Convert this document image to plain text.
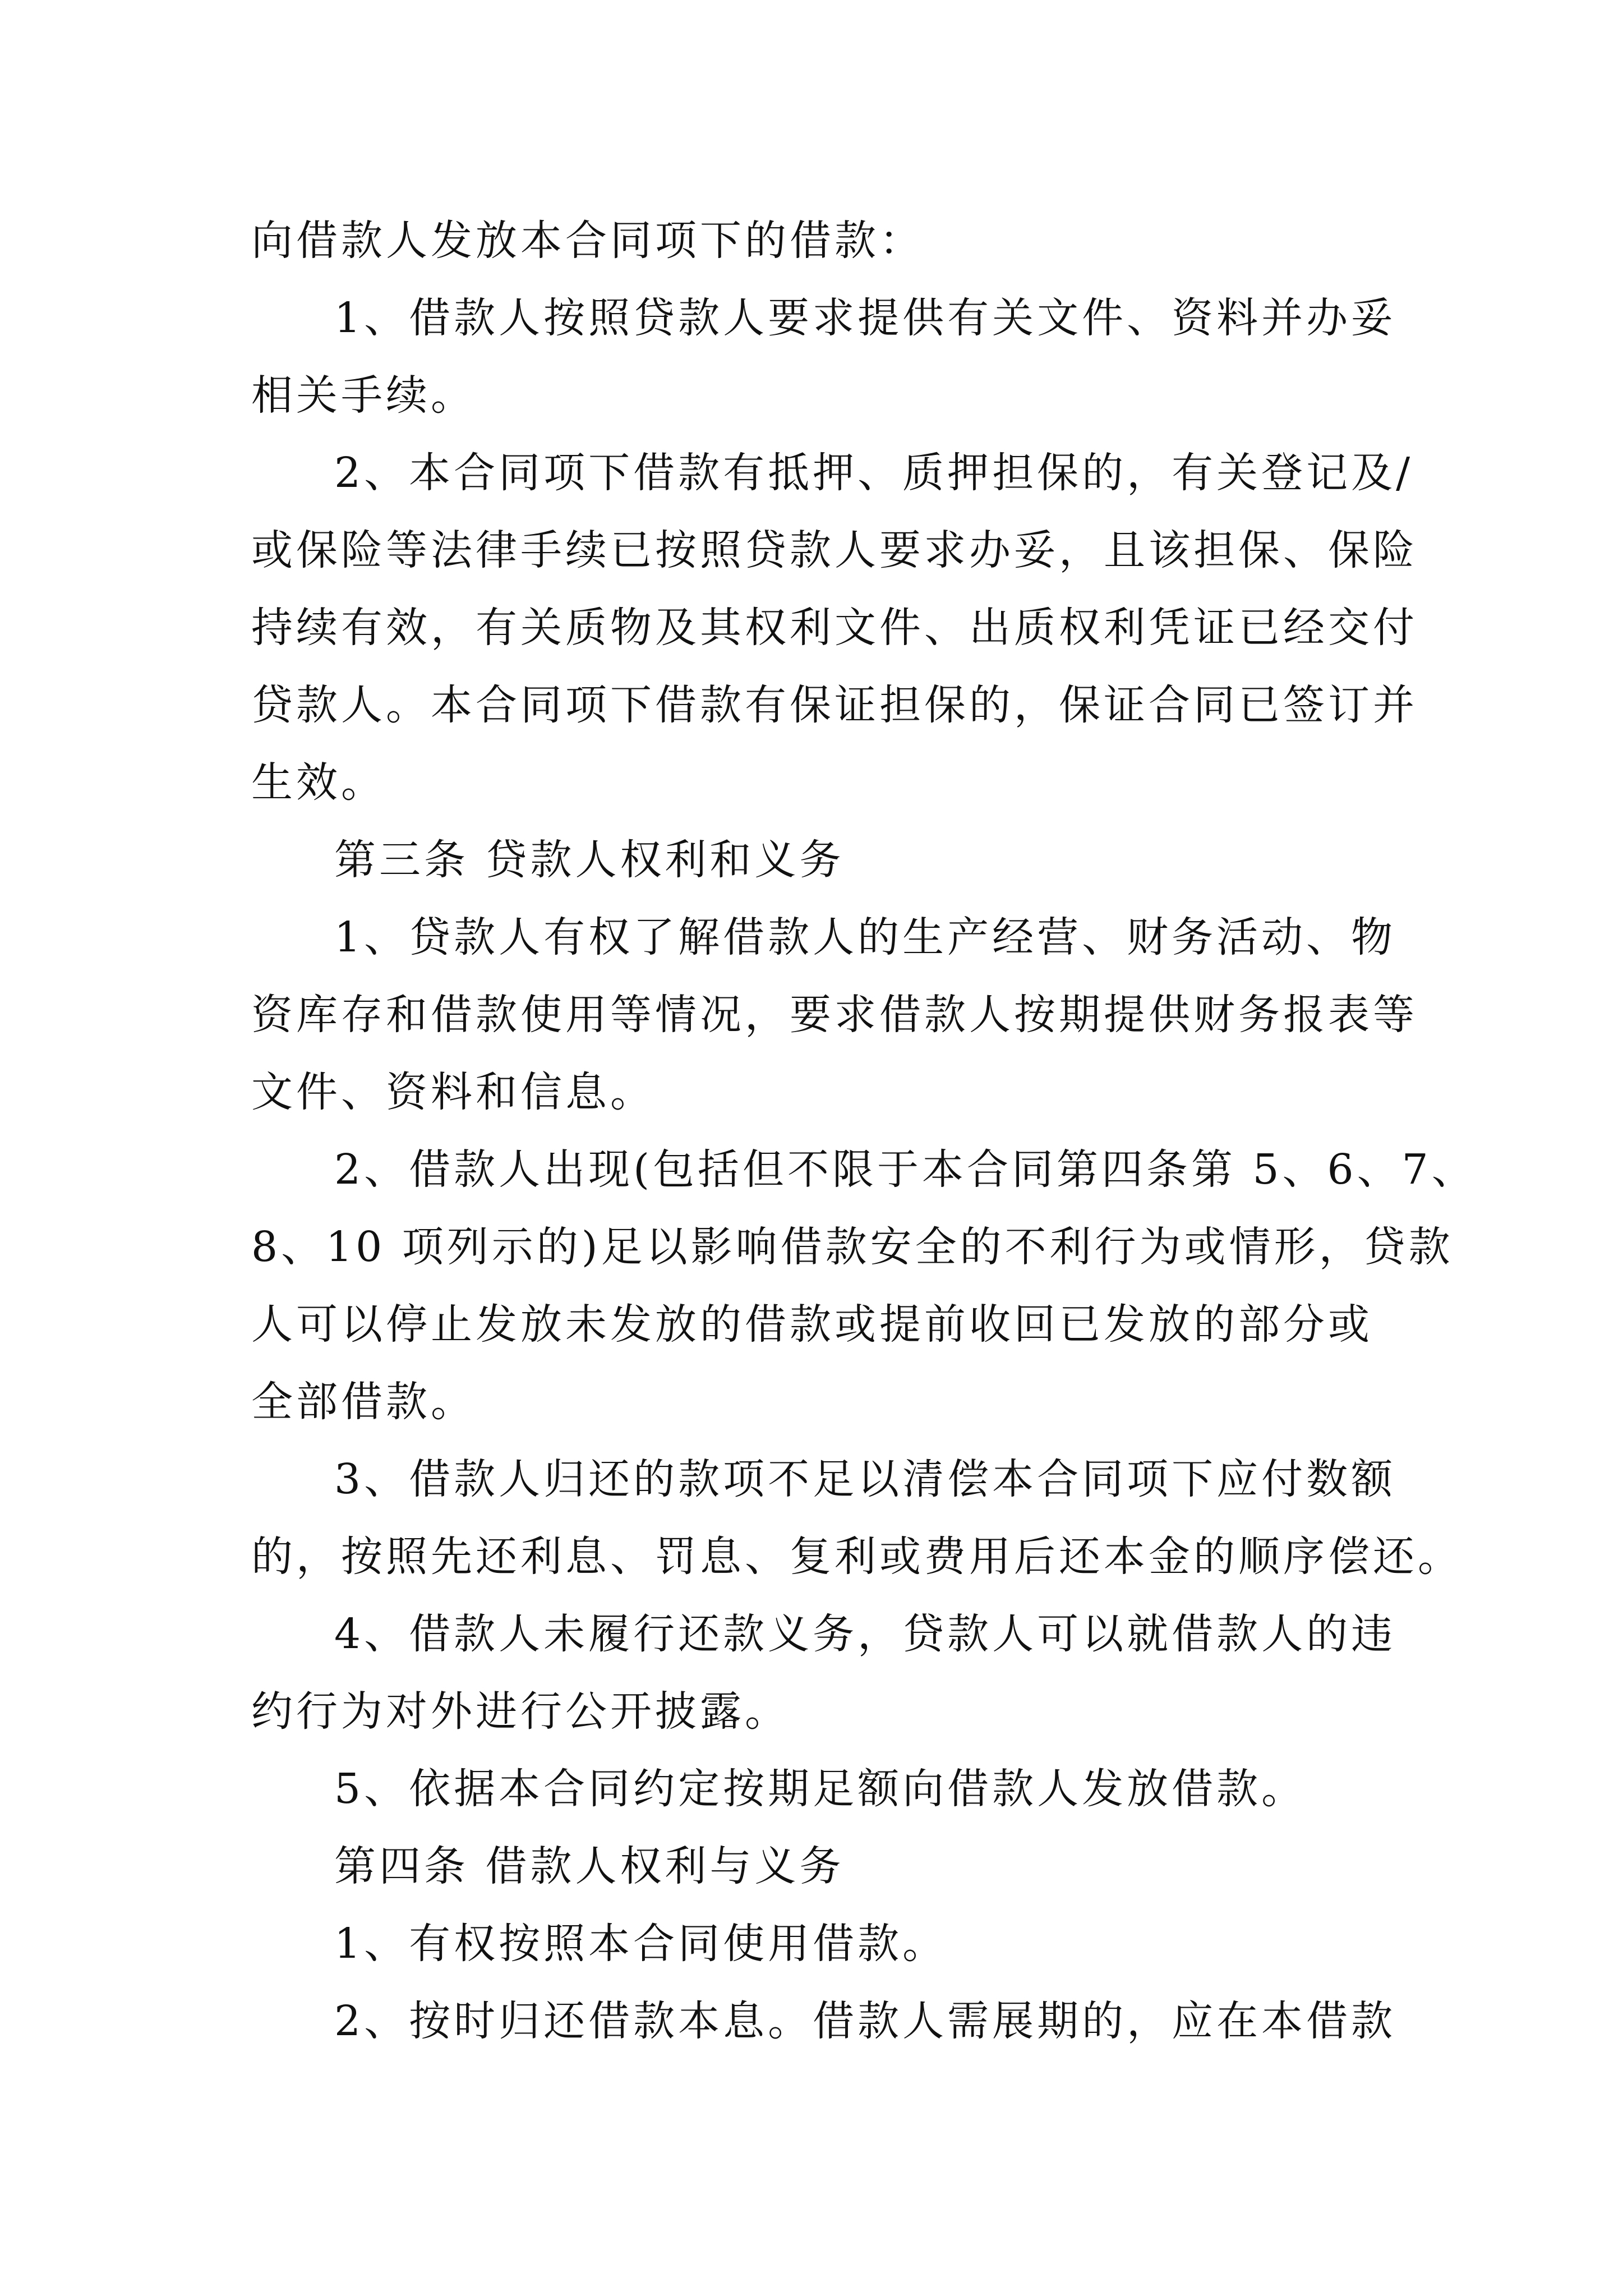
向借款人发放本合同项下的借款：
1、借款人按照贷款人要求提供有关文件、资料并办妥
相关手续。
2、本合同项下借款有抵押、质押担保的，有关登记及/
或保险等法律手续已按照贷款人要求办妥，且该担保、保险
持续有效，有关质物及其权利文件、出质权利凭证已经交付
贷款人。本合同项下借款有保证担保的，保证合同已签订并
生效。
第三条 贷款人权利和义务
1、贷款人有权了解借款人的生产经营、财务活动、物
资库存和借款使用等情况，要求借款人按期提供财务报表等
文件、资料和信息。
2、借款人出现(包括但不限于本合同第四条第 5、6、7、
8、10 项列示的)足以影响借款安全的不利行为或情形，贷款
人可以停止发放未发放的借款或提前收回已发放的部分或
全部借款。
3、借款人归还的款项不足以清偿本合同项下应付数额
的，按照先还利息、罚息、复利或费用后还本金的顺序偿还。
4、借款人未履行还款义务，贷款人可以就借款人的违
约行为对外进行公开披露。
5、依据本合同约定按期足额向借款人发放借款。
第四条 借款人权利与义务
1、有权按照本合同使用借款。
2、按时归还借款本息。借款人需展期的，应在本借款
